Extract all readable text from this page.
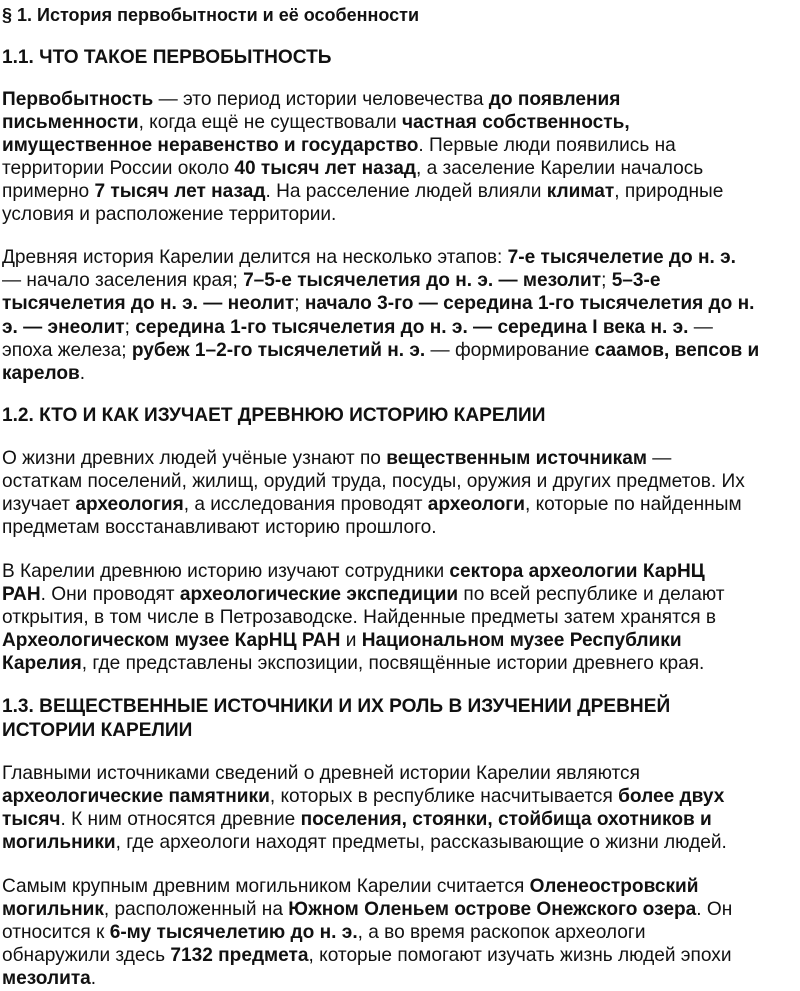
§ 1. История первобытности и её особенности
1.1. ЧТО ТАКОЕ ПЕРВОБЫТНОСТЬ
Первобытность — это период истории человечества до появления
письменности, когда ещё не существовали частная собственность,
имущественное неравенство и государство. Первые люди появились на
территории России около 40 тысяч лет назад, а заселение Карелии началось
примерно 7 тысяч лет назад. На расселение людей влияли климат, природные
условия и расположение территории.
Древняя история Карелии делится на несколько этапов: 7-е тысячелетие до н. э.
— начало заселения края; 7–5-е тысячелетия до н. э. — мезолит; 5–3-е
тысячелетия до н. э. — неолит; начало 3-го — середина 1-го тысячелетия до н.
э. — энеолит; середина 1-го тысячелетия до н. э. — середина I века н. э. —
эпоха железа; рубеж 1–2-го тысячелетий н. э. — формирование саамов, вепсов и
карелов.
1.2. КТО И КАК ИЗУЧАЕТ ДРЕВНЮЮ ИСТОРИЮ КАРЕЛИИ
О жизни древних людей учёные узнают по вещественным источникам —
остаткам поселений, жилищ, орудий труда, посуды, оружия и других предметов. Их
изучает археология, а исследования проводят археологи, которые по найденным
предметам восстанавливают историю прошлого.
В Карелии древнюю историю изучают сотрудники сектора археологии КарНЦ
РАН. Они проводят археологические экспедиции по всей республике и делают
открытия, в том числе в Петрозаводске. Найденные предметы затем хранятся в
Археологическом музее КарНЦ РАН и Национальном музее Республики
Карелия, где представлены экспозиции, посвящённые истории древнего края.
1.3. ВЕЩЕСТВЕННЫЕ ИСТОЧНИКИ И ИХ РОЛЬ В ИЗУЧЕНИИ ДРЕВНЕЙ
ИСТОРИИ КАРЕЛИИ
Главными источниками сведений о древней истории Карелии являются
археологические памятники, которых в республике насчитывается более двух
тысяч. К ним относятся древние поселения, стоянки, стойбища охотников и
могильники, где археологи находят предметы, рассказывающие о жизни людей.
Самым крупным древним могильником Карелии считается Оленеостровский
могильник, расположенный на Южном Оленьем острове Онежского озера. Он
относится к 6-му тысячелетию до н. э., а во время раскопок археологи
обнаружили здесь 7132 предмета, которые помогают изучать жизнь людей эпохи
мезолита.
